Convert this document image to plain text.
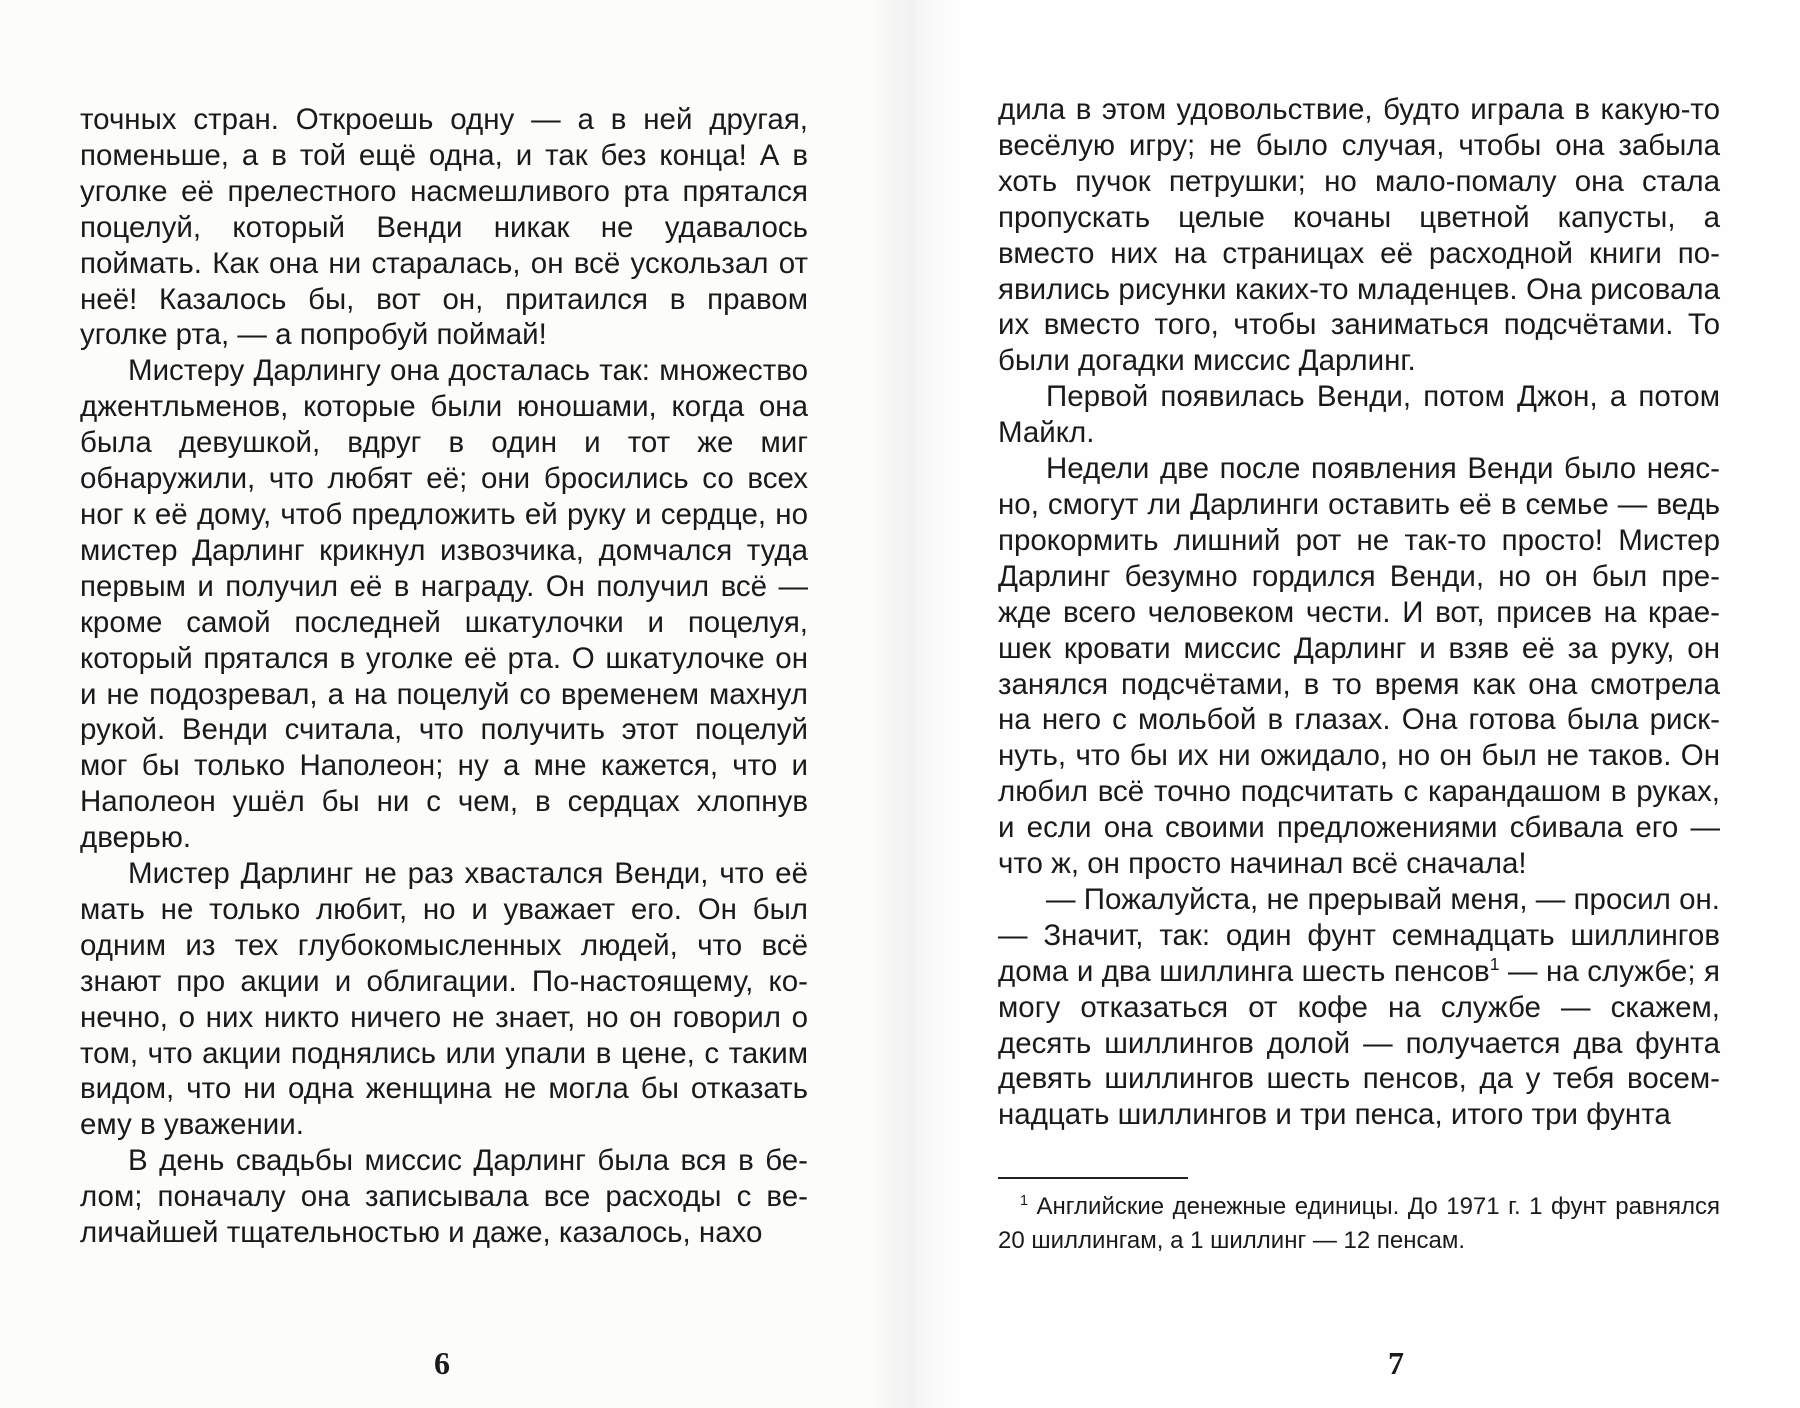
точных стран. Откроешь одну — а в ней другая, поменьше, а в той ещё одна, и так без конца! А в уголке её прелестного насмешливого рта прятался поцелуй, который Венди никак не удавалось поймать. Как она ни старалась, он всё ускользал от неё! Казалось бы, вот он, притаился в правом уголке рта, — а попробуй поймай!

Мистеру Дарлингу она досталась так: множество джентльменов, которые были юношами, когда она была девушкой, вдруг в один и тот же миг обнаружили, что любят её; они бросились со всех ног к её дому, чтоб предложить ей руку и сердце, но мистер Дарлинг крикнул извозчика, домчался туда первым и получил её в награду. Он получил всё — кроме самой последней шкатулочки и поцелуя, который прятался в уголке её рта. О шкатулочке он и не подозревал, а на поцелуй со временем махнул рукой. Венди считала, что получить этот поцелуй мог бы только Наполеон; ну а мне кажется, что и Наполеон ушёл бы ни с чем, в сердцах хлопнув дверью.

Мистер Дарлинг не раз хвастался Венди, что её мать не только любит, но и уважает его. Он был одним из тех глубокомысленных людей, что всё знают про акции и облигации. По-настоящему, конечно, о них никто ничего не знает, но он говорил о том, что акции поднялись или упали в цене, с таким видом, что ни одна женщина не могла бы отказать ему в уважении.

В день свадьбы миссис Дарлинг была вся в белом; поначалу она записывала все расходы с величайшей тщательностью и даже, казалось, нахо

6

дила в этом удовольствие, будто играла в какую-то весёлую игру; не было случая, чтобы она забыла хоть пучок петрушки; но мало-помалу она стала пропускать целые кочаны цветной капусты, а вместо них на страницах её расходной книги появились рисунки каких-то младенцев. Она рисовала их вместо того, чтобы заниматься подсчётами. То были догадки миссис Дарлинг.

Первой появилась Венди, потом Джон, а потом Майкл.

Недели две после появления Венди было неясно, смогут ли Дарлинги оставить её в семье — ведь прокормить лишний рот не так-то просто! Мистер Дарлинг безумно гордился Венди, но он был прежде всего человеком чести. И вот, присев на краешек кровати миссис Дарлинг и взяв её за руку, он занялся подсчётами, в то время как она смотрела на него с мольбой в глазах. Она готова была рискнуть, что бы их ни ожидало, но он был не таков. Он любил всё точно подсчитать с карандашом в руках, и если она своими предложениями сбивала его — что ж, он просто начинал всё сначала!

— Пожалуйста, не прерывай меня, — просил он. — Значит, так: один фунт семнадцать шиллингов дома и два шиллинга шесть пенсов$^1$ — на службе; я могу отказаться от кофе на службе — скажем, десять шиллингов долой — получается два фунта девять шиллингов шесть пенсов, да у тебя восемнадцать шиллингов и три пенса, итого три фунта

$^1$ Английские денежные единицы. До 1971 г. 1 фунт равнялся 20 шиллингам, а 1 шиллинг — 12 пенсам.
7
